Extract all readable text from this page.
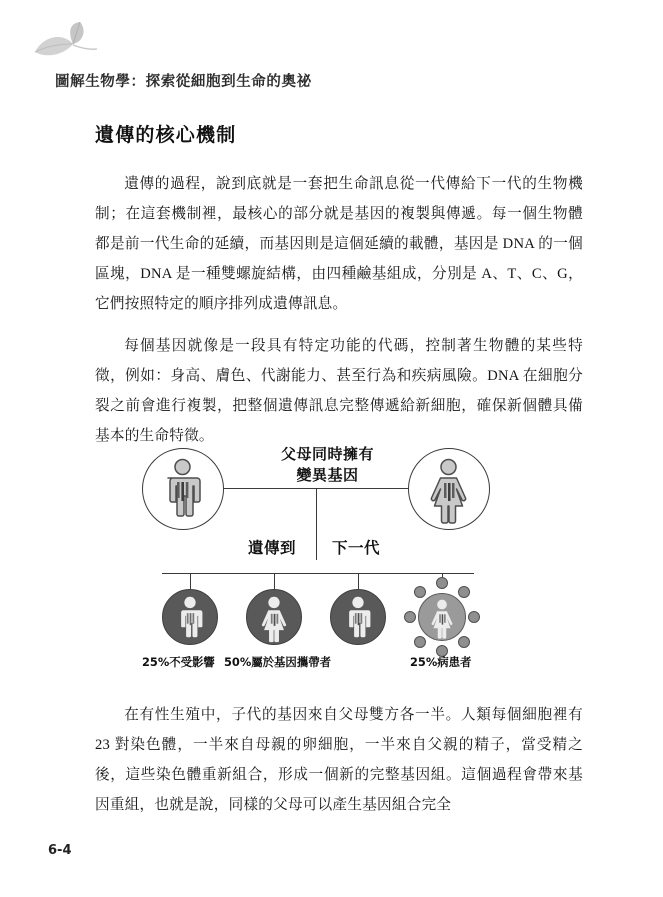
圖解生物學：探索從細胞到生命的奧祕
遺傳的核心機制

遺傳的過程，說到底就是一套把生命訊息從一代傳給下一代的生物機制；在這套機制裡，最核心的部分就是基因的複製與傳遞。每一個生物體都是前一代生命的延續，而基因則是這個延續的載體，基因是 DNA 的一個區塊，DNA 是一種雙螺旋結構，由四種鹼基組成，分別是 A、T、C、G，它們按照特定的順序排列成遺傳訊息。

每個基因就像是一段具有特定功能的代碼，控制著生物體的某些特徵，例如：身高、膚色、代謝能力、甚至行為和疾病風險。DNA 在細胞分裂之前會進行複製，把整個遺傳訊息完整傳遞給新細胞，確保新個體具備基本的生命特徵。

父母同時擁有
變異基因
遺傳到 下一代
25%不受影響 50%屬於基因攜帶者	25%病患者

在有性生殖中，子代的基因來自父母雙方各一半。人類每個細胞裡有 23 對染色體，一半來自母親的卵細胞，一半來自父親的精子，當受精之後，這些染色體重新組合，形成一個新的完整基因組。這個過程會帶來基因重組，也就是說，同樣的父母可以產生基因組合完全

6-4
